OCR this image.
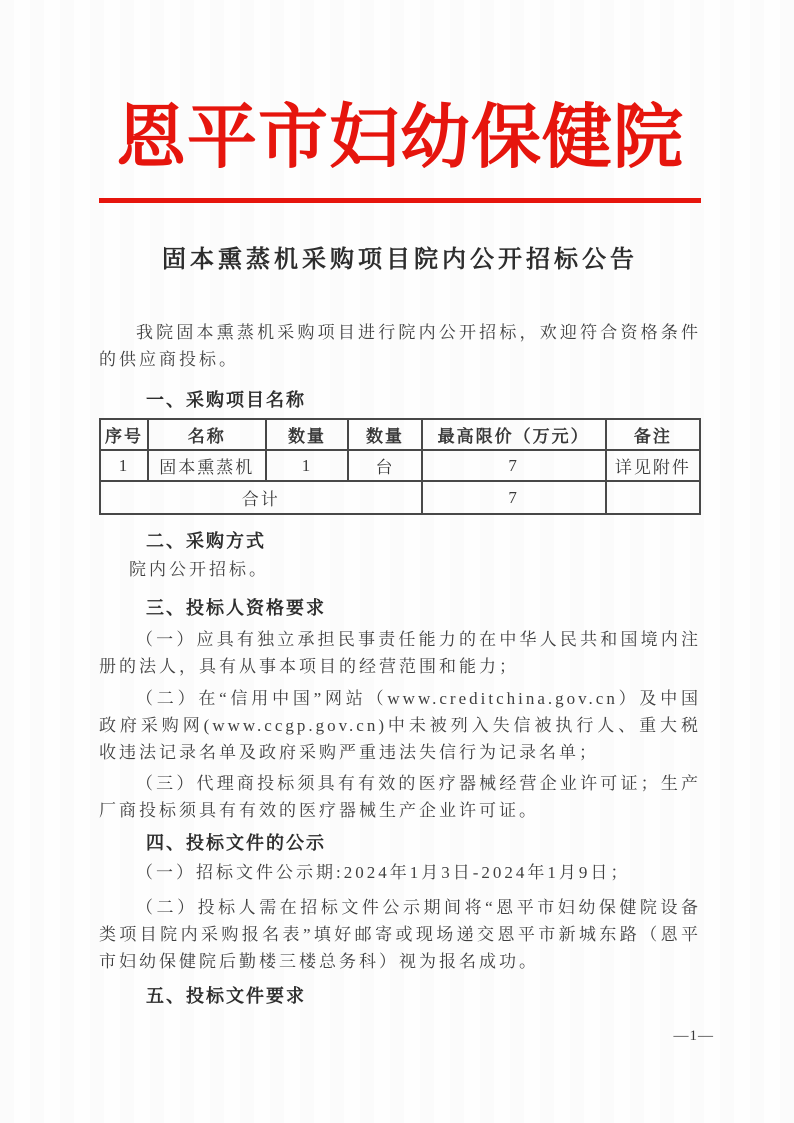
恩平市妇幼保健院
固本熏蒸机采购项目院内公开招标公告

我院固本熏蒸机采购项目进行院内公开招标，欢迎符合资格条件的供应商投标。

一、采购项目名称
序号	名称	数量	数量	最高限价（万元）	备注
1	固本熏蒸机	1	台	7	详见附件
合计				7	
二、采购方式

院内公开招标。

三、投标人资格要求

（一）应具有独立承担民事责任能力的在中华人民共和国境内注册的法人，具有从事本项目的经营范围和能力；

（二）在“信用中国”网站（www.creditchina.gov.cn）及中国政府采购网(www.ccgp.gov.cn)中未被列入失信被执行人、重大税收违法记录名单及政府采购严重违法失信行为记录名单；

（三）代理商投标须具有有效的医疗器械经营企业许可证；生产厂商投标须具有有效的医疗器械生产企业许可证。

四、投标文件的公示

（一）招标文件公示期:2024年1月3日-2024年1月9日；

（二）投标人需在招标文件公示期间将“恩平市妇幼保健院设备类项目院内采购报名表”填好邮寄或现场递交恩平市新城东路（恩平市妇幼保健院后勤楼三楼总务科）视为报名成功。

五、投标文件要求
—1—
